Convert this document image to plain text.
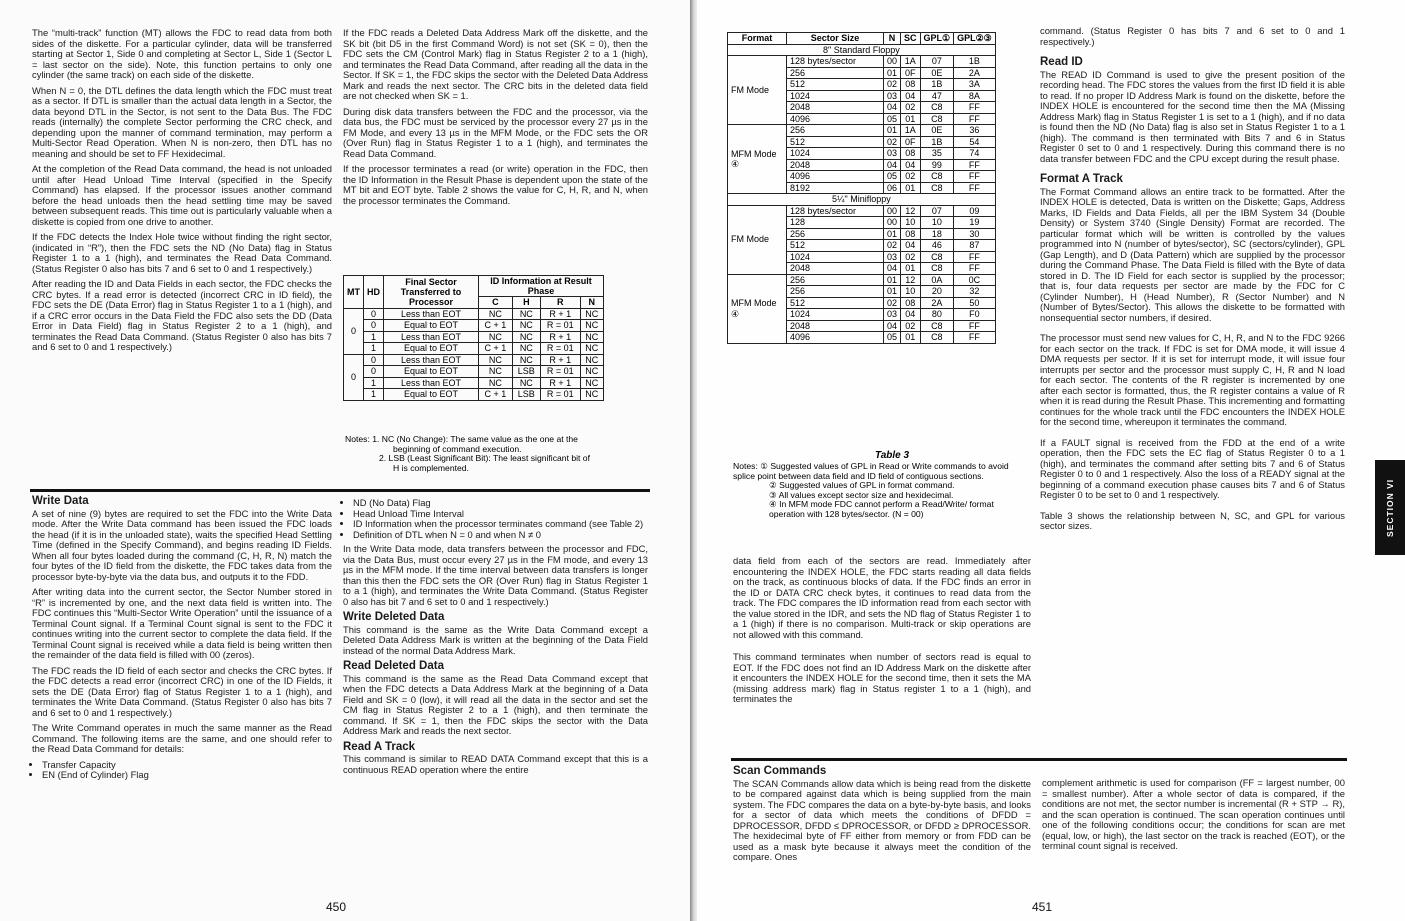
The “multi-track” function (MT) allows the FDC to read data from both sides of the diskette. For a particular cylinder, data will be transferred starting at Sector 1, Side 0 and completing at Sector L, Side 1 (Sector L = last sector on the side). Note, this function pertains to only one cylinder (the same track) on each side of the diskette.

When N = 0, the DTL defines the data length which the FDC must treat as a sector. If DTL is smaller than the actual data length in a Sector, the data beyond DTL in the Sector, is not sent to the Data Bus. The FDC reads (internally) the complete Sector performing the CRC check, and depending upon the manner of command termination, may perform a Multi-Sector Read Operation. When N is non-zero, then DTL has no meaning and should be set to FF Hexidecimal.

At the completion of the Read Data command, the head is not unloaded until after Head Unload Time Interval (specified in the Specify Command) has elapsed. If the processor issues another command before the head unloads then the head settling time may be saved between subsequent reads. This time out is particularly valuable when a diskette is copied from one drive to another.

If the FDC detects the Index Hole twice without finding the right sector, (indicated in “R”), then the FDC sets the ND (No Data) flag in Status Register 1 to a 1 (high), and terminates the Read Data Command. (Status Register 0 also has bits 7 and 6 set to 0 and 1 respectively.)

After reading the ID and Data Fields in each sector, the FDC checks the CRC bytes. If a read error is detected (incorrect CRC in ID field), the FDC sets the DE (Data Error) flag in Status Register 1 to a 1 (high), and if a CRC error occurs in the Data Field the FDC also sets the DD (Data Error in Data Field) flag in Status Register 2 to a 1 (high), and terminates the Read Data Command. (Status Register 0 also has bits 7 and 6 set to 0 and 1 respectively.)

If the FDC reads a Deleted Data Address Mark off the diskette, and the SK bit (bit D5 in the first Command Word) is not set (SK = 0), then the FDC sets the CM (Control Mark) flag in Status Register 2 to a 1 (high), and terminates the Read Data Command, after reading all the data in the Sector. If SK = 1, the FDC skips the sector with the Deleted Data Address Mark and reads the next sector. The CRC bits in the deleted data field are not checked when SK = 1.

During disk data transfers between the FDC and the processor, via the data bus, the FDC must be serviced by the processor every 27 µs in the FM Mode, and every 13 µs in the MFM Mode, or the FDC sets the OR (Over Run) flag in Status Register 1 to a 1 (high), and terminates the Read Data Command.

If the processor terminates a read (or write) operation in the FDC, then the ID Information in the Result Phase is dependent upon the state of the MT bit and EOT byte. Table 2 shows the value for C, H, R, and N, when the processor terminates the Command.

MT	HD	Final Sector Transferred to Processor	ID Information at Result Phase			
			C	H	R	N
0	0	Less than EOT	NC	NC	R + 1	NC
	0	Equal to EOT	C + 1	NC	R = 01	NC
	1	Less than EOT	NC	NC	R + 1	NC
	1	Equal to EOT	C + 1	NC	R = 01	NC
0	0	Less than EOT	NC	NC	R + 1	NC
	0	Equal to EOT	NC	LSB	R = 01	NC
	1	Less than EOT	NC	NC	R + 1	NC
	1	Equal to EOT	C + 1	LSB	R = 01	NC
Notes: 1. NC (No Change): The same value as the one at the
beginning of command execution.
2. LSB (Least Significant Bit): The least significant bit of
H is complemented.
Write Data

A set of nine (9) bytes are required to set the FDC into the Write Data mode. After the Write Data command has been issued the FDC loads the head (if it is in the unloaded state), waits the specified Head Settling Time (defined in the Specify Command), and begins reading ID Fields. When all four bytes loaded during the command (C, H, R, N) match the four bytes of the ID field from the diskette, the FDC takes data from the processor byte-by-byte via the data bus, and outputs it to the FDD.

After writing data into the current sector, the Sector Number stored in “R” is incremented by one, and the next data field is written into. The FDC continues this “Multi-Sector Write Operation” until the issuance of a Terminal Count signal. If a Terminal Count signal is sent to the FDC it continues writing into the current sector to complete the data field. If the Terminal Count signal is received while a data field is being written then the remainder of the data field is filled with 00 (zeros).

The FDC reads the ID field of each sector and checks the CRC bytes. If the FDC detects a read error (incorrect CRC) in one of the ID Fields, it sets the DE (Data Error) flag of Status Register 1 to a 1 (high), and terminates the Write Data Command. (Status Register 0 also has bits 7 and 6 set to 0 and 1 respectively.)

The Write Command operates in much the same manner as the Read Command. The following items are the same, and one should refer to the Read Data Command for details:

• Transfer Capacity
• EN (End of Cylinder) Flag
• ND (No Data) Flag
• Head Unload Time Interval
• ID Information when the processor terminates command (see Table 2)
• Definition of DTL when N = 0 and when N ≠ 0

In the Write Data mode, data transfers between the processor and FDC, via the Data Bus, must occur every 27 µs in the FM mode, and every 13 µs in the MFM mode. If the time interval between data transfers is longer than this then the FDC sets the OR (Over Run) flag in Status Register 1 to a 1 (high), and terminates the Write Data Command. (Status Register 0 also has bit 7 and 6 set to 0 and 1 respectively.)

Write Deleted Data

This command is the same as the Write Data Command except a Deleted Data Address Mark is written at the beginning of the Data Field instead of the normal Data Address Mark.

Read Deleted Data

This command is the same as the Read Data Command except that when the FDC detects a Data Address Mark at the beginning of a Data Field and SK = 0 (low), it will read all the data in the sector and set the CM flag in Status Register 2 to a 1 (high), and then terminate the command. If SK = 1, then the FDC skips the sector with the Data Address Mark and reads the next sector.

Read A Track

This command is similar to READ DATA Command except that this is a continuous READ operation where the entire

450
Format	Sector Size	N	SC	GPL①	GPL②③
8" Standard Floppy					
FM Mode	128 bytes/sector	00	1A	07	1B
	256	01	0F	0E	2A
	512	02	08	1B	3A
	1024	03	04	47	8A
	2048	04	02	C8	FF
	4096	05	01	C8	FF
MFM Mode ④	256	01	1A	0E	36
	512	02	0F	1B	54
	1024	03	08	35	74
	2048	04	04	99	FF
	4096	05	02	C8	FF
	8192	06	01	C8	FF
5¼" Minifloppy					
FM Mode	128 bytes/sector	00	12	07	09
	128	00	10	10	19
	256	01	08	18	30
	512	02	04	46	87
	1024	03	02	C8	FF
	2048	04	01	C8	FF
MFM Mode ④	256	01	12	0A	0C
	256	01	10	20	32
	512	02	08	2A	50
	1024	03	04	80	F0
	2048	04	02	C8	FF
	4096	05	01	C8	FF
Table 3
Notes: ① Suggested values of GPL in Read or Write commands to avoid splice point between data field and ID field of contiguous sections.
② Suggested values of GPL in format command.
③ All values except sector size and hexidecimal.
④ In MFM mode FDC cannot perform a Read/Write/ format operation with 128 bytes/sector. (N = 00)

data field from each of the sectors are read. Immediately after encountering the INDEX HOLE, the FDC starts reading all data fields on the track, as continuous blocks of data. If the FDC finds an error in the ID or DATA CRC check bytes, it continues to read data from the track. The FDC compares the ID information read from each sector with the value stored in the IDR, and sets the ND flag of Status Register 1 to a 1 (high) if there is no comparison. Multi-track or skip operations are not allowed with this command.

This command terminates when number of sectors read is equal to EOT. If the FDC does not find an ID Address Mark on the diskette after it encounters the INDEX HOLE for the second time, then it sets the MA (missing address mark) flag in Status register 1 to a 1 (high), and terminates the

command. (Status Register 0 has bits 7 and 6 set to 0 and 1 respectively.)

Read ID

The READ ID Command is used to give the present position of the recording head. The FDC stores the values from the first ID field it is able to read. If no proper ID Address Mark is found on the diskette, before the INDEX HOLE is encountered for the second time then the MA (Missing Address Mark) flag in Status Register 1 is set to a 1 (high), and if no data is found then the ND (No Data) flag is also set in Status Register 1 to a 1 (high). The command is then terminated with Bits 7 and 6 in Status Register 0 set to 0 and 1 respectively. During this command there is no data transfer between FDC and the CPU except during the result phase.

Format A Track

The Format Command allows an entire track to be formatted. After the INDEX HOLE is detected, Data is written on the Diskette; Gaps, Address Marks, ID Fields and Data Fields, all per the IBM System 34 (Double Density) or System 3740 (Single Density) Format are recorded. The particular format which will be written is controlled by the values programmed into N (number of bytes/sector), SC (sectors/cylinder), GPL (Gap Length), and D (Data Pattern) which are supplied by the processor during the Command Phase. The Data Field is filled with the Byte of data stored in D. The ID Field for each sector is supplied by the processor; that is, four data requests per sector are made by the FDC for C (Cylinder Number), H (Head Number), R (Sector Number) and N (Number of Bytes/Sector). This allows the diskette to be formatted with nonsequential sector numbers, if desired.

The processor must send new values for C, H, R, and N to the FDC 9266 for each sector on the track. If FDC is set for DMA mode, it will issue 4 DMA requests per sector. If it is set for interrupt mode, it will issue four interrupts per sector and the processor must supply C, H, R and N load for each sector. The contents of the R register is incremented by one after each sector is formatted, thus, the R register contains a value of R when it is read during the Result Phase. This incrementing and formatting continues for the whole track until the FDC encounters the INDEX HOLE for the second time, whereupon it terminates the command.

If a FAULT signal is received from the FDD at the end of a write operation, then the FDC sets the EC flag of Status Register 0 to a 1 (high), and terminates the command after setting bits 7 and 6 of Status Register 0 to 0 and 1 respectively. Also the loss of a READY signal at the beginning of a command execution phase causes bits 7 and 6 of Status Register 0 to be set to 0 and 1 respectively.

Table 3 shows the relationship between N, SC, and GPL for various sector sizes.

Scan Commands

The SCAN Commands allow data which is being read from the diskette to be compared against data which is being supplied from the main system. The FDC compares the data on a byte-by-byte basis, and looks for a sector of data which meets the conditions of DFDD = DPROCESSOR, DFDD ≤ DPROCESSOR, or DFDD ≥ DPROCESSOR. The hexidecimal byte of FF either from memory or from FDD can be used as a mask byte because it always meet the condition of the compare. Ones

complement arithmetic is used for comparison (FF = largest number, 00 = smallest number). After a whole sector of data is compared, if the conditions are not met, the sector number is incremental (R + STP → R), and the scan operation is continued. The scan operation continues until one of the following conditions occur; the conditions for scan are met (equal, low, or high), the last sector on the track is reached (EOT), or the terminal count signal is received.

SECTION VI
451
